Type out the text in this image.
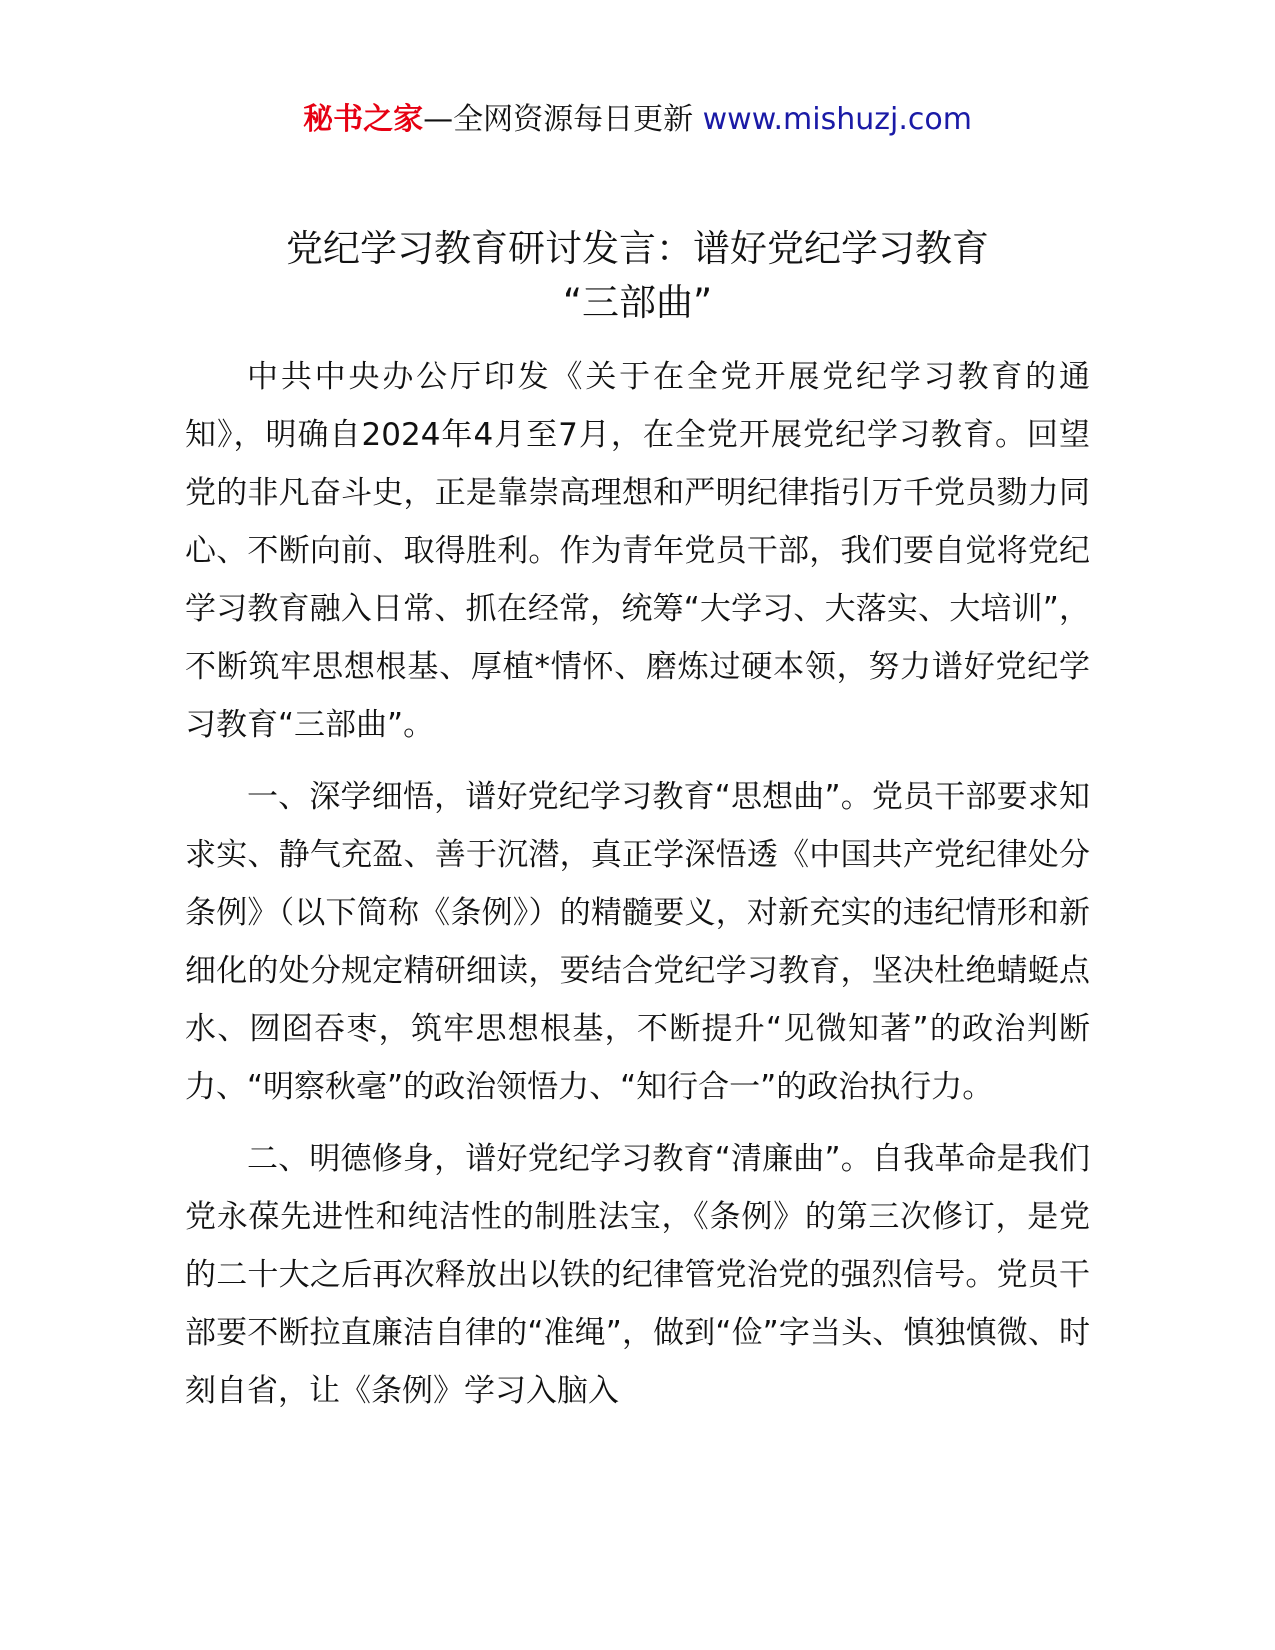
秘书之家—全网资源每日更新 www.mishuzj.com
党纪学习教育研讨发言：谱好党纪学习教育
“三部曲”

中共中央办公厅印发《关于在全党开展党纪学习教育的通知》，明确自2024年4月至7月，在全党开展党纪学习教育。回望党的非凡奋斗史，正是靠崇高理想和严明纪律指引万千党员勠力同心、不断向前、取得胜利。作为青年党员干部，我们要自觉将党纪学习教育融入日常、抓在经常，统筹“大学习、大落实、大培训”，不断筑牢思想根基、厚植*情怀、磨炼过硬本领，努力谱好党纪学习教育“三部曲”。

一、深学细悟，谱好党纪学习教育“思想曲”。党员干部要求知求实、静气充盈、善于沉潜，真正学深悟透《中国共产党纪律处分条例》（以下简称《条例》）的精髓要义，对新充实的违纪情形和新细化的处分规定精研细读，要结合党纪学习教育，坚决杜绝蜻蜓点水、囫囵吞枣，筑牢思想根基，不断提升“见微知著”的政治判断力、“明察秋毫”的政治领悟力、“知行合一”的政治执行力。

二、明德修身，谱好党纪学习教育“清廉曲”。自我革命是我们党永葆先进性和纯洁性的制胜法宝，《条例》的第三次修订，是党的二十大之后再次释放出以铁的纪律管党治党的强烈信号。党员干部要不断拉直廉洁自律的“准绳”，做到“俭”字当头、慎独慎微、时刻自省，让《条例》学习入脑入
